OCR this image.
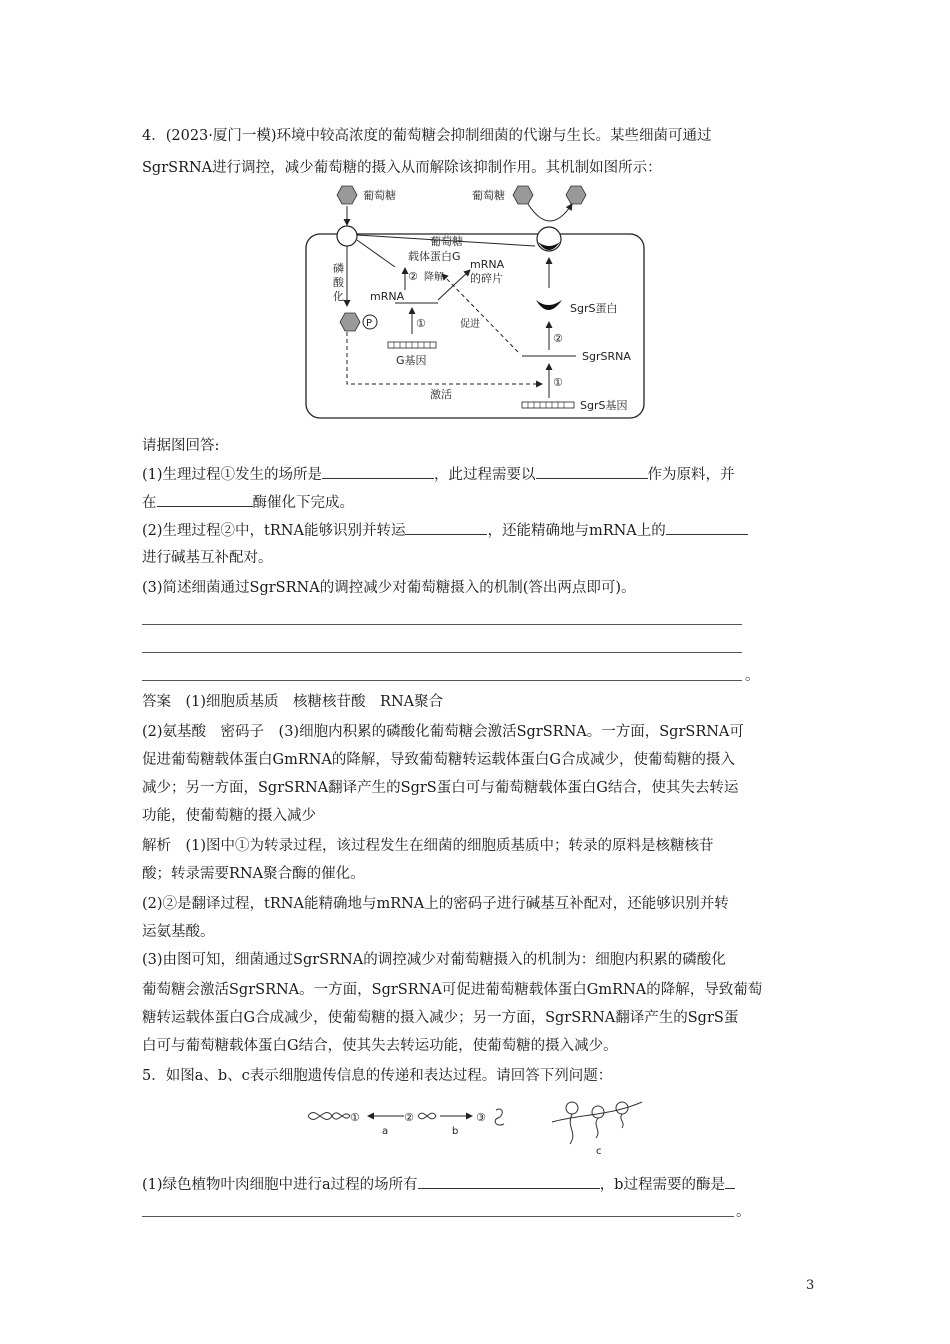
4．(2023·厦门一模)环境中较高浓度的葡萄糖会抑制细菌的代谢与生长。某些细菌可通过
SgrSRNA进行调控，减少葡萄糖的摄入从而解除该抑制作用。其机制如图所示：
葡萄糖
磷
酸
化
P
葡萄糖
载体蛋白G
② 降解
mRNA
的碎片
mRNA
①
G基因
葡萄糖
SgrS蛋白
②
SgrSRNA
促进
①
SgrS基因
激活
请据图回答:
(1)生理过程①发生的场所是	，此过程需要以	作为原料，并
在	酶催化下完成。
(2)生理过程②中，tRNA能够识别并转运	，还能精确地与mRNA上的
进行碱基互补配对。
(3)简述细菌通过SgrSRNA的调控减少对葡萄糖摄入的机制(答出两点即可)。
。
答案　(1)细胞质基质　核糖核苷酸　RNA聚合
(2)氨基酸　密码子　(3)细胞内积累的磷酸化葡萄糖会激活SgrSRNA。一方面，SgrSRNA可
促进葡萄糖载体蛋白GmRNA的降解，导致葡萄糖转运载体蛋白G合成减少，使葡萄糖的摄入
减少；另一方面，SgrSRNA翻译产生的SgrS蛋白可与葡萄糖载体蛋白G结合，使其失去转运
功能，使葡萄糖的摄入减少
解析　(1)图中①为转录过程，该过程发生在细菌的细胞质基质中；转录的原料是核糖核苷
酸；转录需要RNA聚合酶的催化。
(2)②是翻译过程，tRNA能精确地与mRNA上的密码子进行碱基互补配对，还能够识别并转
运氨基酸。
(3)由图可知，细菌通过SgrSRNA的调控减少对葡萄糖摄入的机制为：细胞内积累的磷酸化
葡萄糖会激活SgrSRNA。一方面，SgrSRNA可促进葡萄糖载体蛋白GmRNA的降解，导致葡萄
糖转运载体蛋白G合成减少，使葡萄糖的摄入减少；另一方面，SgrSRNA翻译产生的SgrS蛋
白可与葡萄糖载体蛋白G结合，使其失去转运功能，使葡萄糖的摄入减少。
5．如图a、b、c表示细胞遗传信息的传递和表达过程。请回答下列问题：
①
a
②
b
③
c
(1)绿色植物叶肉细胞中进行a过程的场所有	，b过程需要的酶是
。
3
